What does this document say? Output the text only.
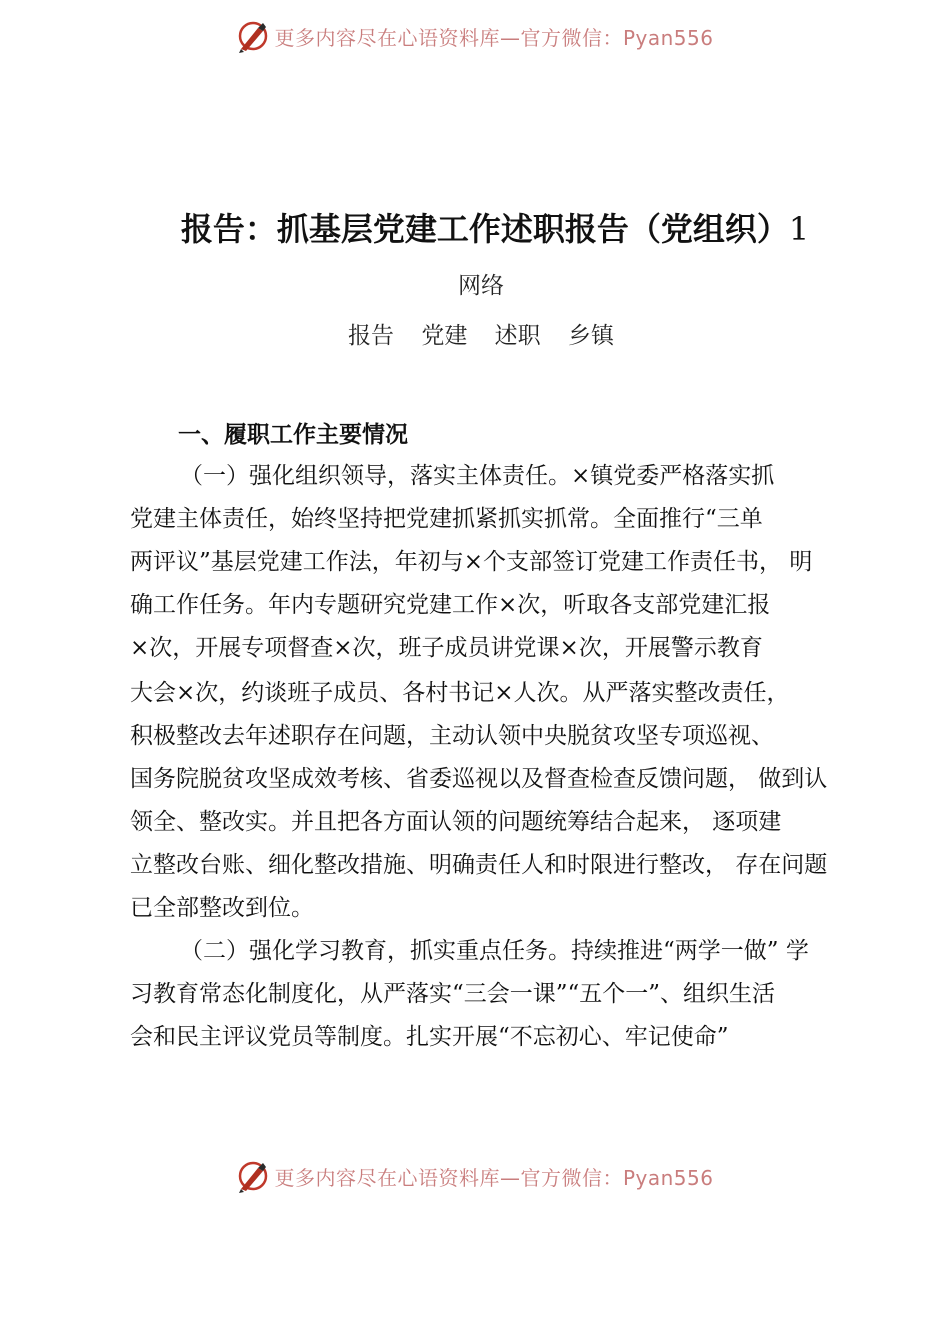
更多内容尽在心语资料库—官方微信：Pyan556
报告：抓基层党建工作述职报告（党组织）1
网络
报告 党建 述职 乡镇
一、履职工作主要情况
（一）强化组织领导，落实主体责任。×镇党委严格落实抓
党建主体责任，始终坚持把党建抓紧抓实抓常。全面推行“三单
两评议”基层党建工作法，年初与×个支部签订党建工作责任书， 明
确工作任务。年内专题研究党建工作×次，听取各支部党建汇报
×次，开展专项督查×次，班子成员讲党课×次，开展警示教育
大会×次，约谈班子成员、各村书记×人次。从严落实整改责任，
积极整改去年述职存在问题，主动认领中央脱贫攻坚专项巡视、
国务院脱贫攻坚成效考核、省委巡视以及督查检查反馈问题， 做到认
领全、整改实。并且把各方面认领的问题统筹结合起来， 逐项建
立整改台账、细化整改措施、明确责任人和时限进行整改， 存在问题
已全部整改到位。
（二）强化学习教育，抓实重点任务。持续推进“两学一做” 学
习教育常态化制度化，从严落实“三会一课”“五个一”、组织生活
会和民主评议党员等制度。扎实开展“不忘初心、牢记使命”
更多内容尽在心语资料库—官方微信：Pyan556
